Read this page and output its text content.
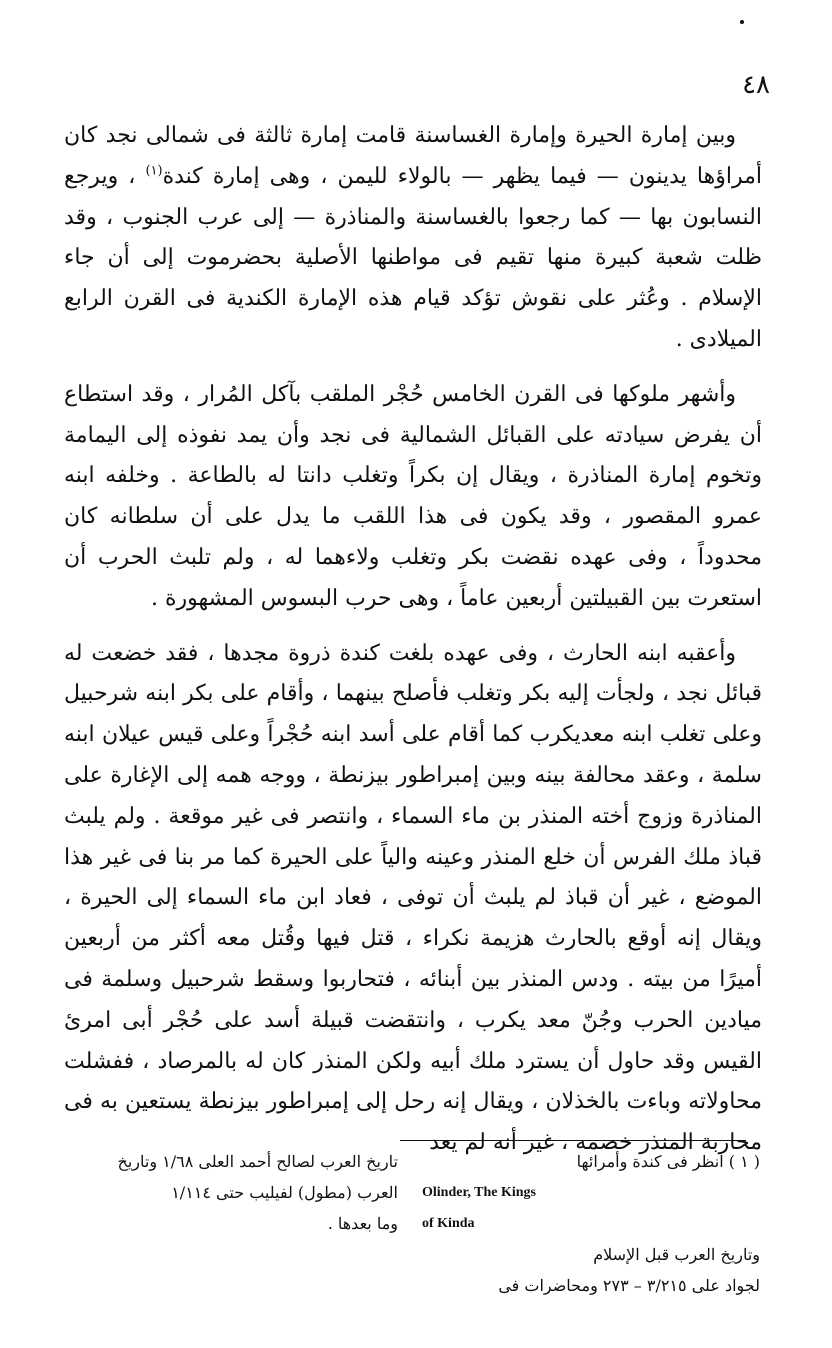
٤٨

وبين إمارة الحيرة وإمارة الغساسنة قامت إمارة ثالثة فى شمالى نجد كان أمراؤها يدينون — فيما يظهر — بالولاء لليمن ، وهى إمارة كندة$^{(١)}$ ، ويرجع النسابون بها — كما رجعوا بالغساسنة والمناذرة — إلى عرب الجنوب ، وقد ظلت شعبة كبيرة منها تقيم فى مواطنها الأصلية بحضرموت إلى أن جاء الإسلام . وعُثر على نقوش تؤكد قيام هذه الإمارة الكندية فى القرن الرابع الميلادى .

وأشهر ملوكها فى القرن الخامس حُجْر الملقب بآكل المُرار ، وقد استطاع أن يفرض سيادته على القبائل الشمالية فى نجد وأن يمد نفوذه إلى اليمامة وتخوم إمارة المناذرة ، ويقال إن بكراً وتغلب دانتا له بالطاعة . وخلفه ابنه عمرو المقصور ، وقد يكون فى هذا اللقب ما يدل على أن سلطانه كان محدوداً ، وفى عهده نقضت بكر وتغلب ولاءهما له ، ولم تلبث الحرب أن استعرت بين القبيلتين أربعين عاماً ، وهى حرب البسوس المشهورة .

وأعقبه ابنه الحارث ، وفى عهده بلغت كندة ذروة مجدها ، فقد خضعت له قبائل نجد ، ولجأت إليه بكر وتغلب فأصلح بينهما ، وأقام على بكر ابنه شرحبيل وعلى تغلب ابنه معديكرب كما أقام على أسد ابنه حُجْراً وعلى قيس عيلان ابنه سلمة ، وعقد محالفة بينه وبين إمبراطور بيزنطة ، ووجه همه إلى الإغارة على المناذرة وزوج أخته المنذر بن ماء السماء ، وانتصر فى غير موقعة . ولم يلبث قباذ ملك الفرس أن خلع المنذر وعينه والياً على الحيرة كما مر بنا فى غير هذا الموضع ، غير أن قباذ لم يلبث أن توفى ، فعاد ابن ماء السماء إلى الحيرة ، ويقال إنه أوقع بالحارث هزيمة نكراء ، قتل فيها وقُتل معه أكثر من أربعين أميرًا من بيته . ودس المنذر بين أبنائه ، فتحاربوا وسقط شرحبيل وسلمة فى ميادين الحرب وجُنّ معد يكرب ، وانتقضت قبيلة أسد على حُجْر أبى امرئ القيس وقد حاول أن يسترد ملك أبيه ولكن المنذر كان له بالمرصاد ، ففشلت محاولاته وباءت بالخذلان ، ويقال إنه رحل إلى إمبراطور بيزنطة يستعين به فى محاربة المنذر خصمه ، غير أنه لم يعد

( ١ ) انظر فى كندة وأمرائها
Olinder, The Kings
of Kinda
وتاريخ العرب قبل الإسلام
لجواد على ٣/٢١٥ – ٢٧٣ ومحاضرات فى
تاريخ العرب لصالح أحمد العلى ١/٦٨ وتاريخ
العرب (مطول) لفيليب حتى ١/١١٤
وما بعدها .
